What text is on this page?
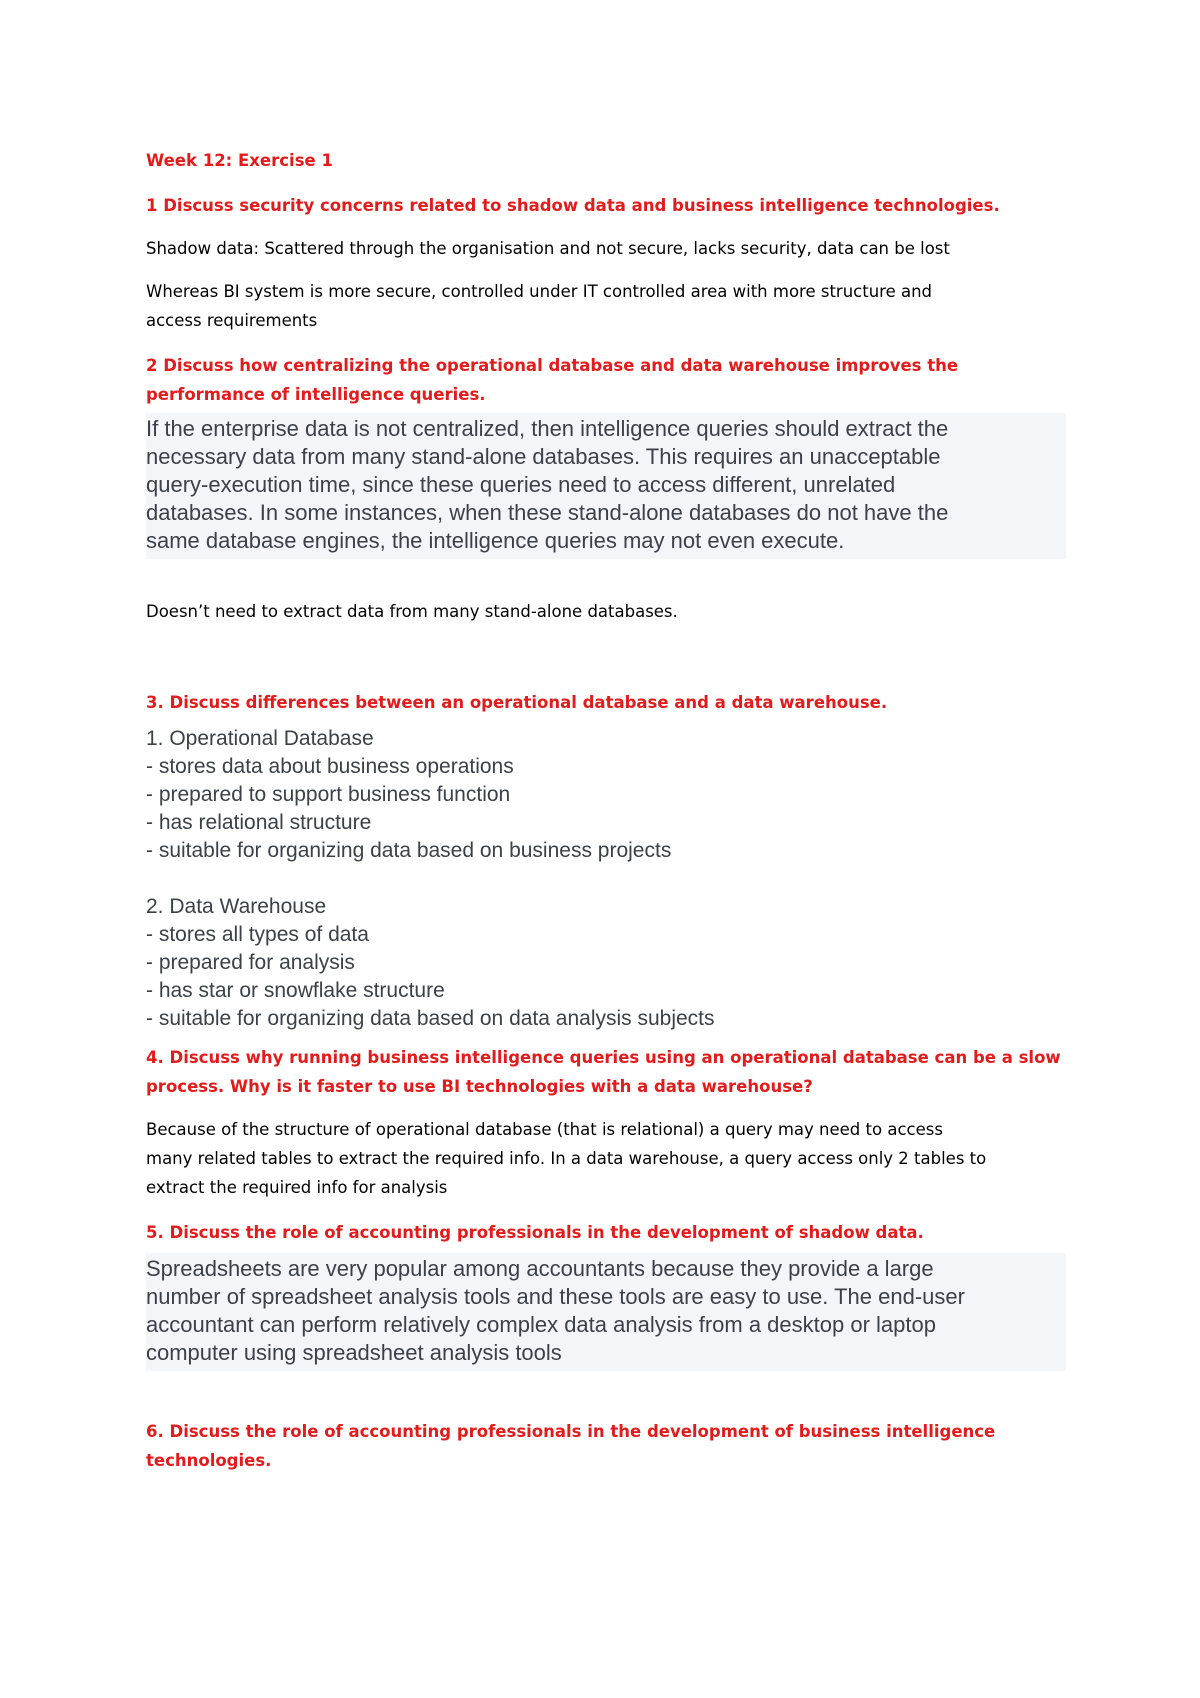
Week 12: Exercise 1
1 Discuss security concerns related to shadow data and business intelligence technologies.
Shadow data: Scattered through the organisation and not secure, lacks security, data can be lost
Whereas BI system is more secure, controlled under IT controlled area with more structure and
access requirements
2 Discuss how centralizing the operational database and data warehouse improves the
performance of intelligence queries.
If the enterprise data is not centralized, then intelligence queries should extract the
necessary data from many stand-alone databases. This requires an unacceptable
query-execution time, since these queries need to access different, unrelated
databases. In some instances, when these stand-alone databases do not have the
same database engines, the intelligence queries may not even execute.
Doesn’t need to extract data from many stand-alone databases.
3. Discuss differences between an operational database and a data warehouse.
1. Operational Database
- stores data about business operations
- prepared to support business function
- has relational structure
- suitable for organizing data based on business projects
2. Data Warehouse
- stores all types of data
- prepared for analysis
- has star or snowflake structure
- suitable for organizing data based on data analysis subjects
4. Discuss why running business intelligence queries using an operational database can be a slow
process. Why is it faster to use BI technologies with a data warehouse?
Because of the structure of operational database (that is relational) a query may need to access
many related tables to extract the required info. In a data warehouse, a query access only 2 tables to
extract the required info for analysis
5. Discuss the role of accounting professionals in the development of shadow data.
Spreadsheets are very popular among accountants because they provide a large
number of spreadsheet analysis tools and these tools are easy to use. The end-user
accountant can perform relatively complex data analysis from a desktop or laptop
computer using spreadsheet analysis tools
6. Discuss the role of accounting professionals in the development of business intelligence
technologies.
